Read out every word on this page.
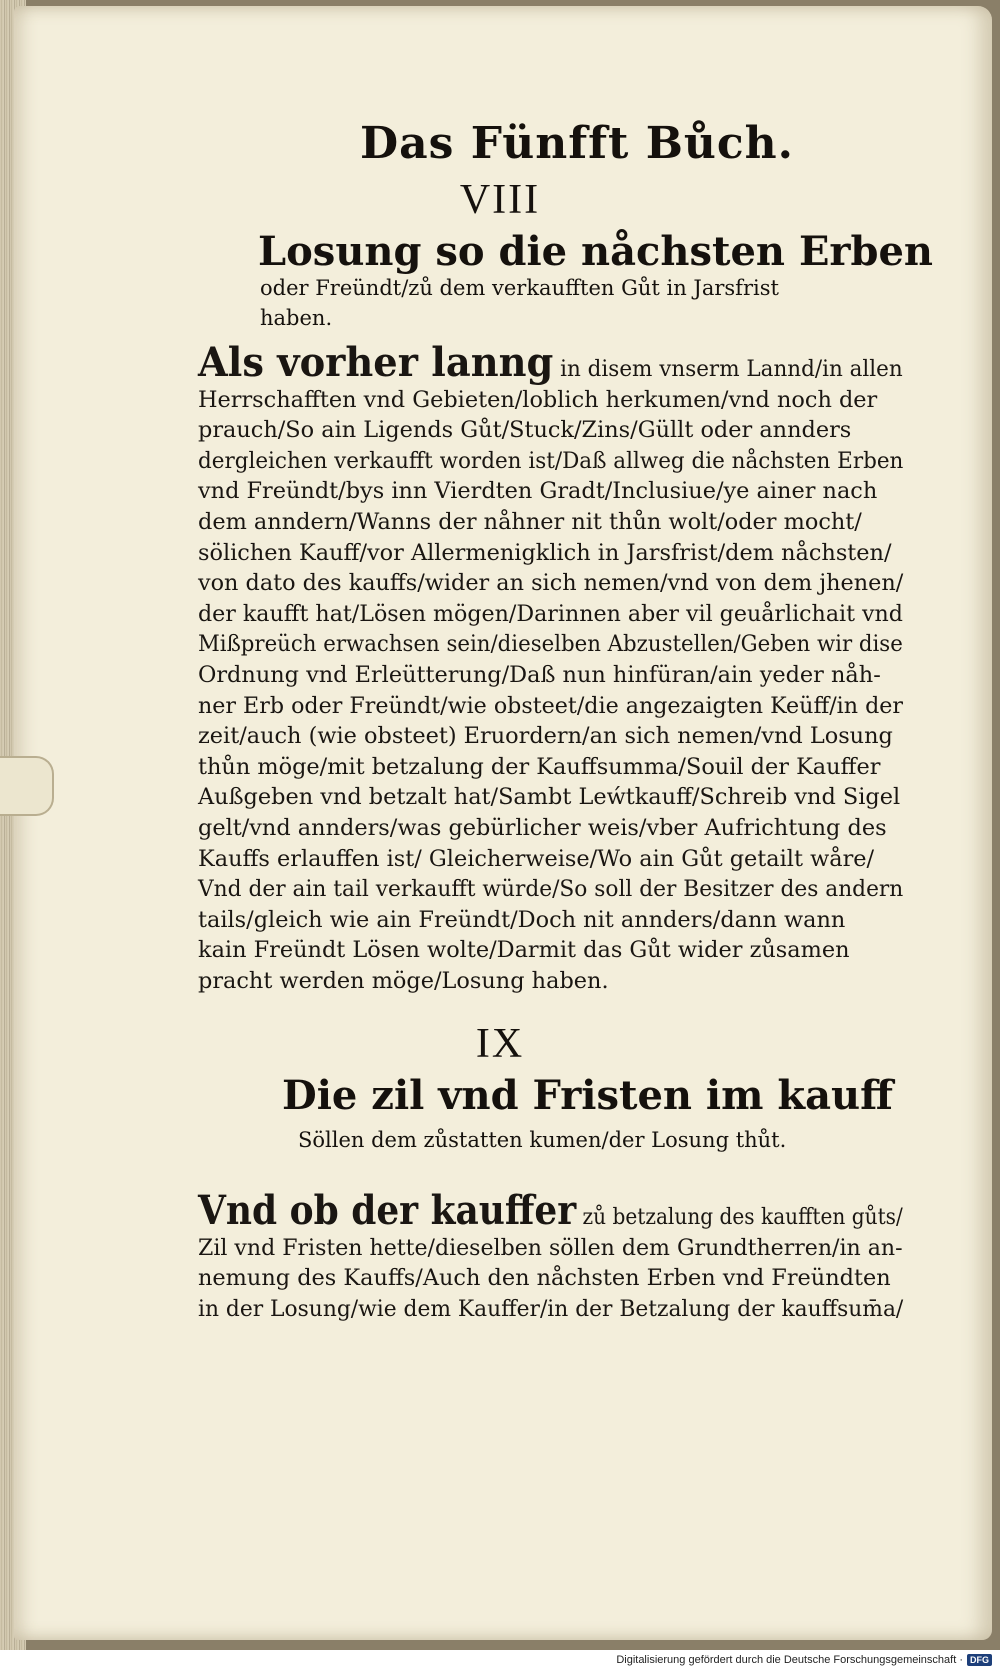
Das Fünfft Bůch.
VIII
Losung so die nåchsten Erben
oder Freündt/zů dem verkaufften Gůt in Jarsfrist
haben.
Als vorher lanng in disem vnserm Lannd/in allen
Herrschafften vnd Gebieten/loblich herkumen/vnd noch der
prauch/So ain Ligends Gůt/Stuck/Zins/Güllt oder annders
dergleichen verkaufft worden ist/Daß allweg die nåchsten Erben
vnd Freündt/bys inn Vierdten Gradt/Inclusiue/ye ainer nach
dem anndern/Wanns der nåhner nit thůn wolt/oder mocht/
sölichen Kauff/vor Allermenigklich in Jarsfrist/dem nåchsten/
von dato des kauffs/wider an sich nemen/vnd von dem jhenen/
der kaufft hat/Lösen mögen/Darinnen aber vil geuårlichait vnd
Mißpreüch erwachsen sein/dieselben Abzustellen/Geben wir dise
Ordnung vnd Erleütterung/Daß nun hinfüran/ain yeder nåh-
ner Erb oder Freündt/wie obsteet/die angezaigten Keüff/in der
zeit/auch (wie obsteet) Eruordern/an sich nemen/vnd Losung
thůn möge/mit betzalung der Kauffsumma/Souil der Kauffer
Außgeben vnd betzalt hat/Sambt Leẃtkauff/Schreib vnd Sigel
gelt/vnd annders/was gebürlicher weis/vber Aufrichtung des
Kauffs erlauffen ist/ Gleicherweise/Wo ain Gůt getailt wåre/
Vnd der ain tail verkaufft würde/So soll der Besitzer des andern
tails/gleich wie ain Freündt/Doch nit annders/dann wann
kain Freündt Lösen wolte/Darmit das Gůt wider zůsamen
pracht werden möge/Losung haben.
IX
Die zil vnd Fristen im kauff
Söllen dem zůstatten kumen/der Losung thůt.
Vnd ob der kauffer zů betzalung des kaufften gůts/
Zil vnd Fristen hette/dieselben söllen dem Grundtherren/in an-
nemung des Kauffs/Auch den nåchsten Erben vnd Freündten
in der Losung/wie dem Kauffer/in der Betzalung der kauffsum̄a/
Digitalisierung gefördert durch die Deutsche Forschungsgemeinschaft · DFG
